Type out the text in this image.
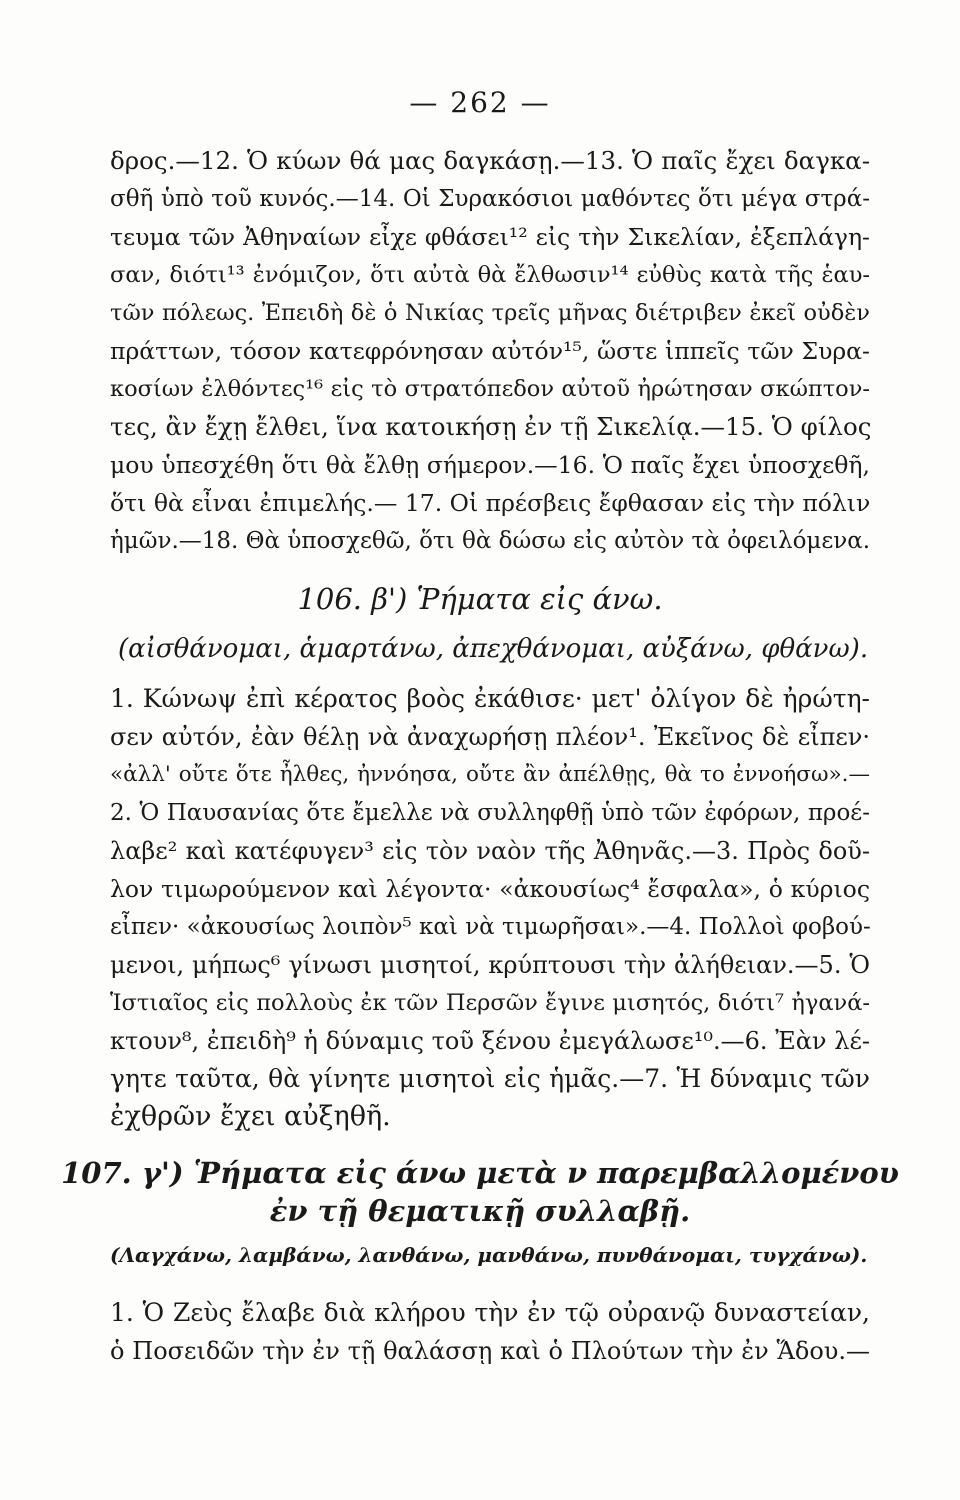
— 262 —
δρος.—12. Ὁ κύων θά μας δαγκάσῃ.—13. Ὁ παῖς ἔχει δαγκα-
σθῆ ὑπὸ τοῦ κυνός.—14. Οἱ Συρακόσιοι μαθόντες ὅτι μέγα στρά-
τευμα τῶν Ἀθηναίων εἶχε φθάσει¹² εἰς τὴν Σικελίαν, ἐξεπλάγη-
σαν, διότι¹³ ἐνόμιζον, ὅτι αὐτὰ θὰ ἔλθωσιν¹⁴ εὐθὺς κατὰ τῆς ἑαυ-
τῶν πόλεως. Ἐπειδὴ δὲ ὁ Νικίας τρεῖς μῆνας διέτριβεν ἐκεῖ οὐδὲν
πράττων, τόσον κατεφρόνησαν αὐτόν¹⁵, ὥστε ἱππεῖς τῶν Συρα-
κοσίων ἐλθόντες¹⁶ εἰς τὸ στρατόπεδον αὐτοῦ ἠρώτησαν σκώπτον-
τες, ἂν ἔχῃ ἔλθει, ἵνα κατοικήσῃ ἐν τῇ Σικελίᾳ.—15. Ὁ φίλος
μου ὑπεσχέθη ὅτι θὰ ἔλθῃ σήμερον.—16. Ὁ παῖς ἔχει ὑποσχεθῆ,
ὅτι θὰ εἶναι ἐπιμελής.— 17. Οἱ πρέσβεις ἔφθασαν εἰς τὴν πόλιν
ἡμῶν.—18. Θὰ ὑποσχεθῶ, ὅτι θὰ δώσω εἰς αὐτὸν τὰ ὀφειλόμενα.
106. β') Ῥήματα εἰς άνω.
(αἰσθάνομαι, ἁμαρτάνω, ἀπεχθάνομαι, αὐξάνω, φθάνω).
1. Κώνωψ ἐπὶ κέρατος βοὸς ἐκάθισε· μετ' ὀλίγον δὲ ἠρώτη-
σεν αὐτόν, ἐὰν θέλῃ νὰ ἀναχωρήσῃ πλέον¹. Ἐκεῖνος δὲ εἶπεν·
«ἀλλ' οὔτε ὅτε ἦλθες, ἠννόησα, οὔτε ἂν ἀπέλθῃς, θὰ το ἐννοήσω».—
2. Ὁ Παυσανίας ὅτε ἔμελλε νὰ συλληφθῇ ὑπὸ τῶν ἐφόρων, προέ-
λαβε² καὶ κατέφυγεν³ εἰς τὸν ναὸν τῆς Ἀθηνᾶς.—3. Πρὸς δοῦ-
λον τιμωρούμενον καὶ λέγοντα· «ἀκουσίως⁴ ἔσφαλα», ὁ κύριος
εἶπεν· «ἀκουσίως λοιπὸν⁵ καὶ νὰ τιμωρῆσαι».—4. Πολλοὶ φοβού-
μενοι, μήπως⁶ γίνωσι μισητοί, κρύπτουσι τὴν ἀλήθειαν.—5. Ὁ
Ἱστιαῖος εἰς πολλοὺς ἐκ τῶν Περσῶν ἔγινε μισητός, διότι⁷ ἠγανά-
κτουν⁸, ἐπειδὴ⁹ ἡ δύναμις τοῦ ξένου ἐμεγάλωσε¹⁰.—6. Ἐὰν λέ-
γητε ταῦτα, θὰ γίνητε μισητοὶ εἰς ἡμᾶς.—7. Ἡ δύναμις τῶν
ἐχθρῶν ἔχει αὐξηθῆ.
107. γ') Ῥήματα εἰς άνω μετὰ ν παρεμβαλλομένου
ἐν τῇ θεματικῇ συλλαβῇ.
(Λαγχάνω, λαμβάνω, λανθάνω, μανθάνω, πυνθάνομαι, τυγχάνω).
1. Ὁ Ζεὺς ἔλαβε διὰ κλήρου τὴν ἐν τῷ οὐρανῷ δυναστείαν,
ὁ Ποσειδῶν τὴν ἐν τῇ θαλάσσῃ καὶ ὁ Πλούτων τὴν ἐν Ἅδου.—
